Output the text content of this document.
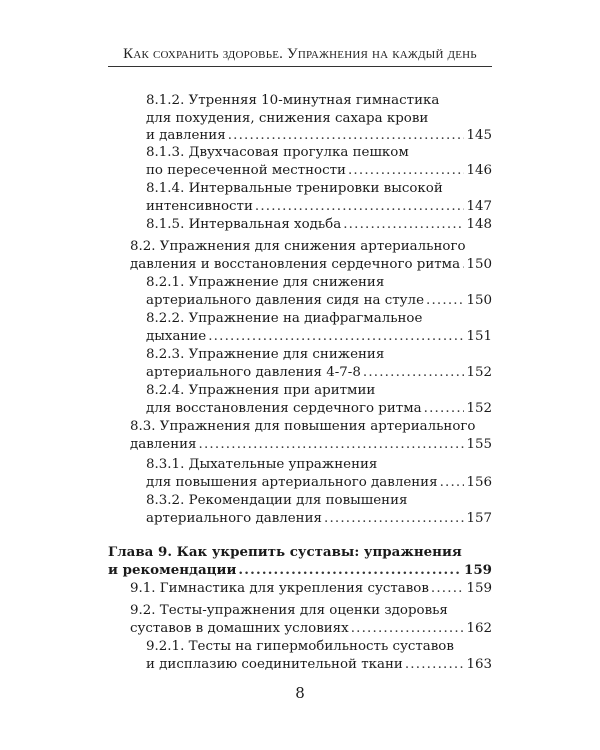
Как сохранить здоровье. Упражнения на каждый день
8.1.2. Утренняя 10-минутная гимнастика
для похудения, снижения сахара крови
и давления .....	145
8.1.3. Двухчасовая прогулка пешком
по пересеченной местности .....	146
8.1.4. Интервальные тренировки высокой
интенсивности .....	147
8.1.5. Интервальная ходьба .....	148
8.2. Упражнения для снижения артериального
давления и восстановления сердечного ритма ..... 150
8.2.1. Упражнение для снижения
артериального давления сидя на стуле .....	150
8.2.2. Упражнение на диафрагмальное
дыхание .....	151
8.2.3. Упражнение для снижения
артериального давления 4-7-8 .....	152
8.2.4. Упражнения при аритмии
для восстановления сердечного ритма .....	152
8.3. Упражнения для повышения артериального
давления .....	155
8.3.1. Дыхательные упражнения
для повышения артериального давления ..... 156
8.3.2. Рекомендации для повышения
артериального давления .....	157
Глава 9. Как укрепить суставы: упражнения
и рекомендации .....	159
9.1. Гимнастика для укрепления суставов .....	159
9.2. Тесты-упражнения для оценки здоровья
суставов в домашних условиях .....	162
9.2.1. Тесты на гипермобильность суставов
и дисплазию соединительной ткани .....	163
8
